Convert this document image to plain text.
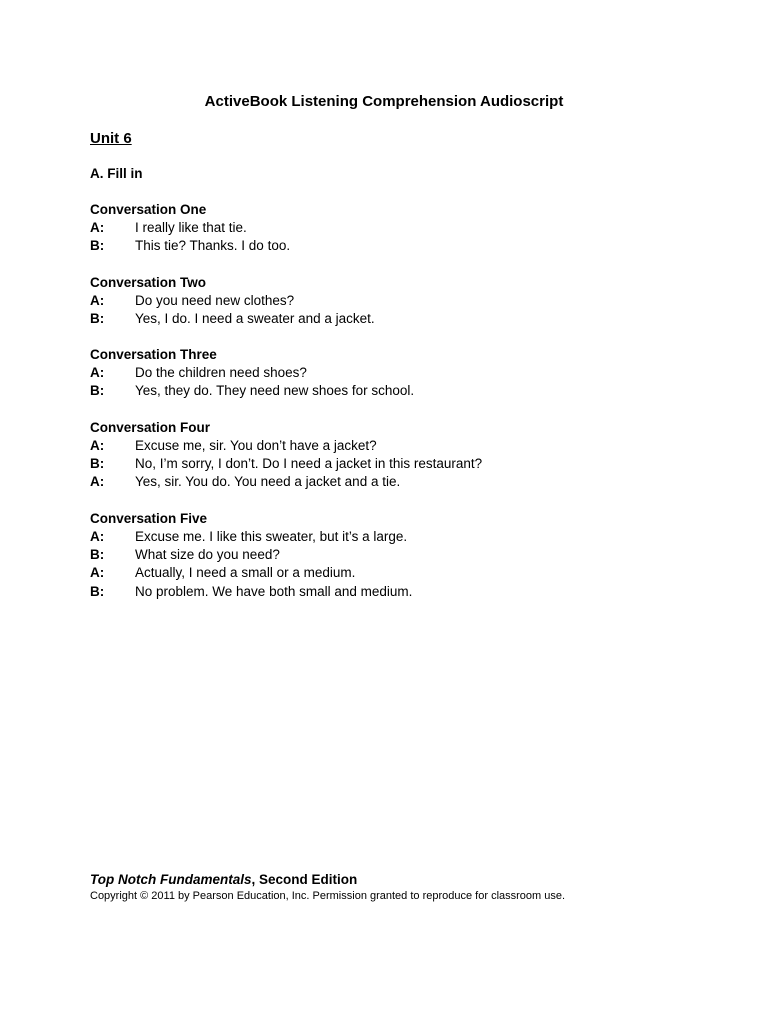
ActiveBook Listening Comprehension Audioscript
Unit 6
A. Fill in
Conversation One
A:	I really like that tie.
B:	This tie? Thanks. I do too.
Conversation Two
A:	Do you need new clothes?
B:	Yes, I do. I need a sweater and a jacket.
Conversation Three
A:	Do the children need shoes?
B:	Yes, they do. They need new shoes for school.
Conversation Four
A:	Excuse me, sir. You don’t have a jacket?
B:	No, I’m sorry, I don’t. Do I need a jacket in this restaurant?
A:	Yes, sir. You do. You need a jacket and a tie.
Conversation Five
A:	Excuse me. I like this sweater, but it’s a large.
B:	What size do you need?
A:	Actually, I need a small or a medium.
B:	No problem. We have both small and medium.
Top Notch Fundamentals, Second Edition
Copyright © 2011 by Pearson Education, Inc. Permission granted to reproduce for classroom use.
